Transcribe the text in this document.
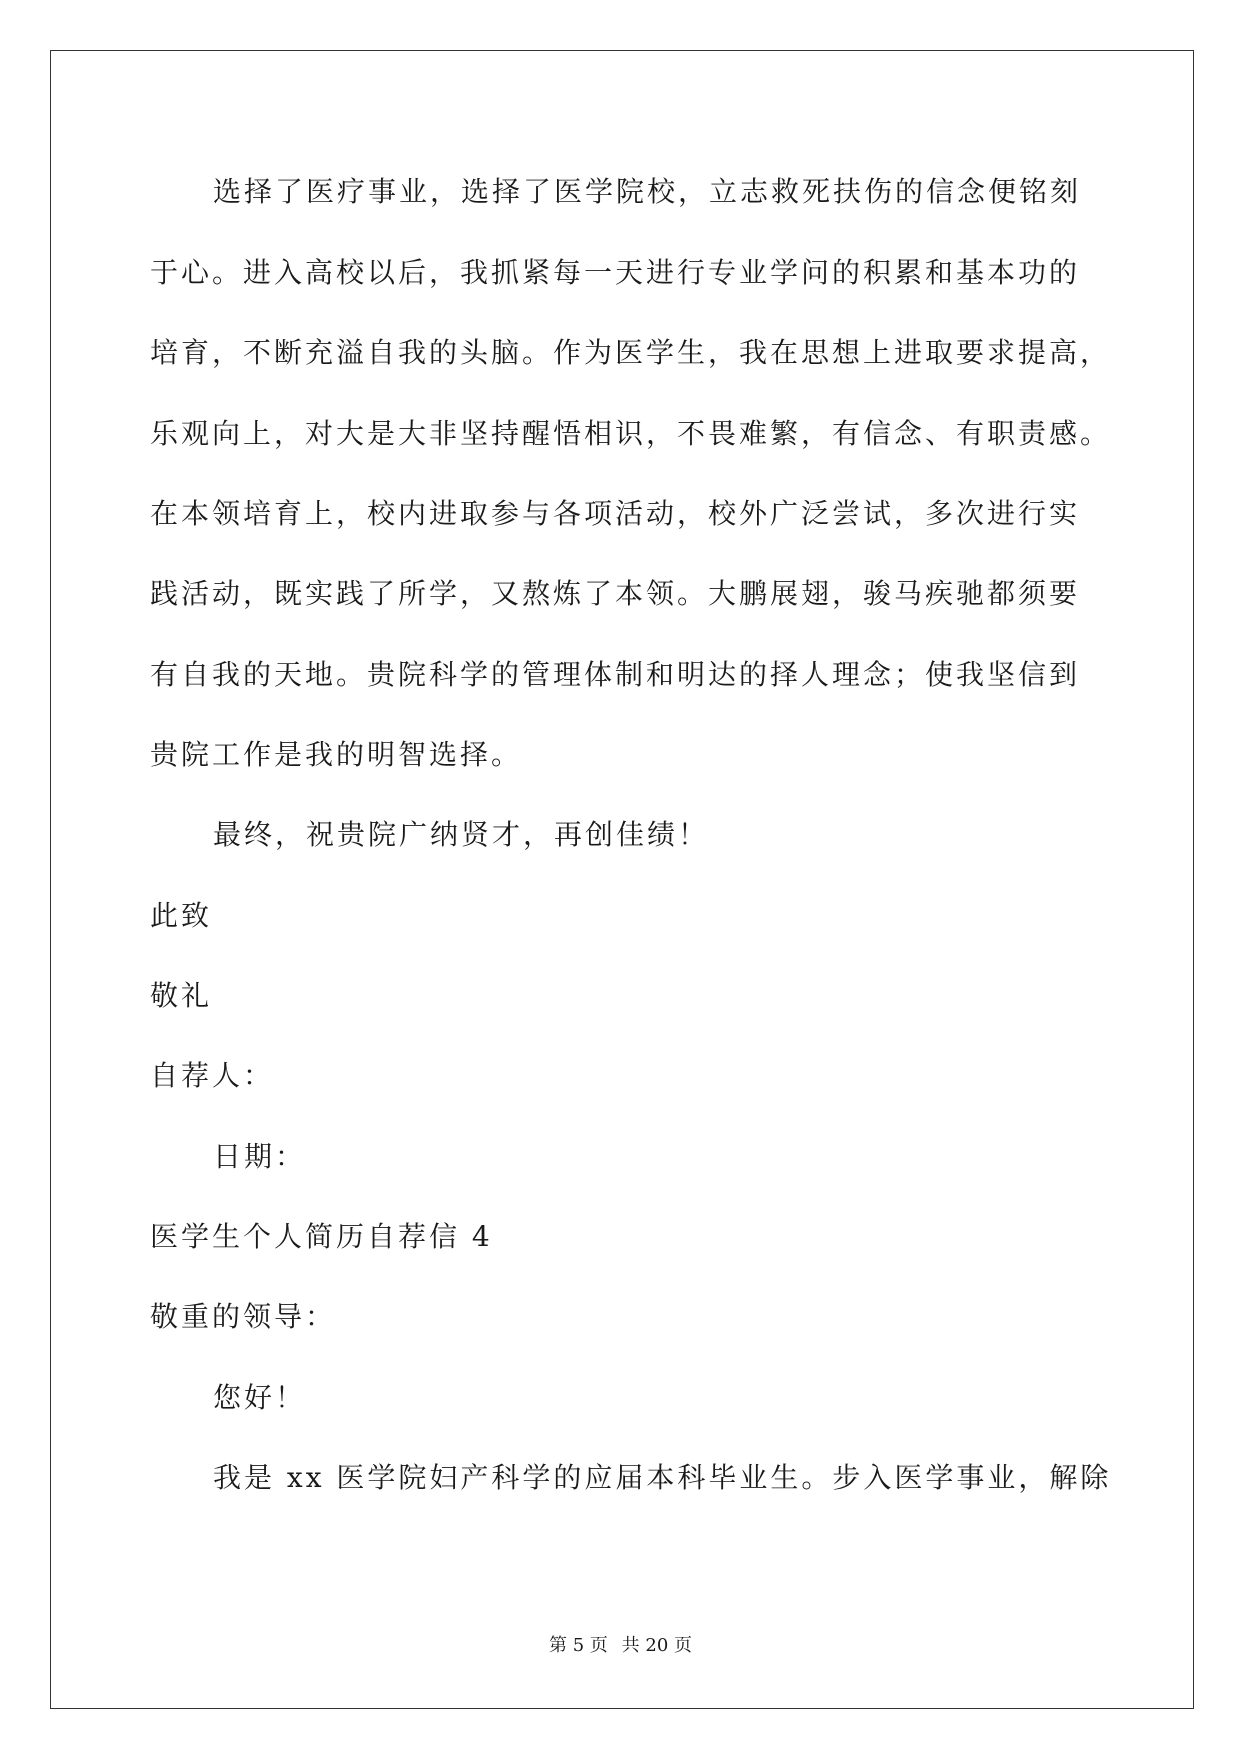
选择了医疗事业，选择了医学院校，立志救死扶伤的信念便铭刻
于心。进入高校以后，我抓紧每一天进行专业学问的积累和基本功的
培育，不断充溢自我的头脑。作为医学生，我在思想上进取要求提高，
乐观向上，对大是大非坚持醒悟相识，不畏难繁，有信念、有职责感。
在本领培育上，校内进取参与各项活动，校外广泛尝试，多次进行实
践活动，既实践了所学，又熬炼了本领。大鹏展翅，骏马疾驰都须要
有自我的天地。贵院科学的管理体制和明达的择人理念；使我坚信到
贵院工作是我的明智选择。
最终，祝贵院广纳贤才，再创佳绩！
此致
敬礼
自荐人：
日期：
医学生个人简历自荐信 4
敬重的领导：
您好！
我是 xx 医学院妇产科学的应届本科毕业生。步入医学事业，解除
第 5 页 共 20 页
